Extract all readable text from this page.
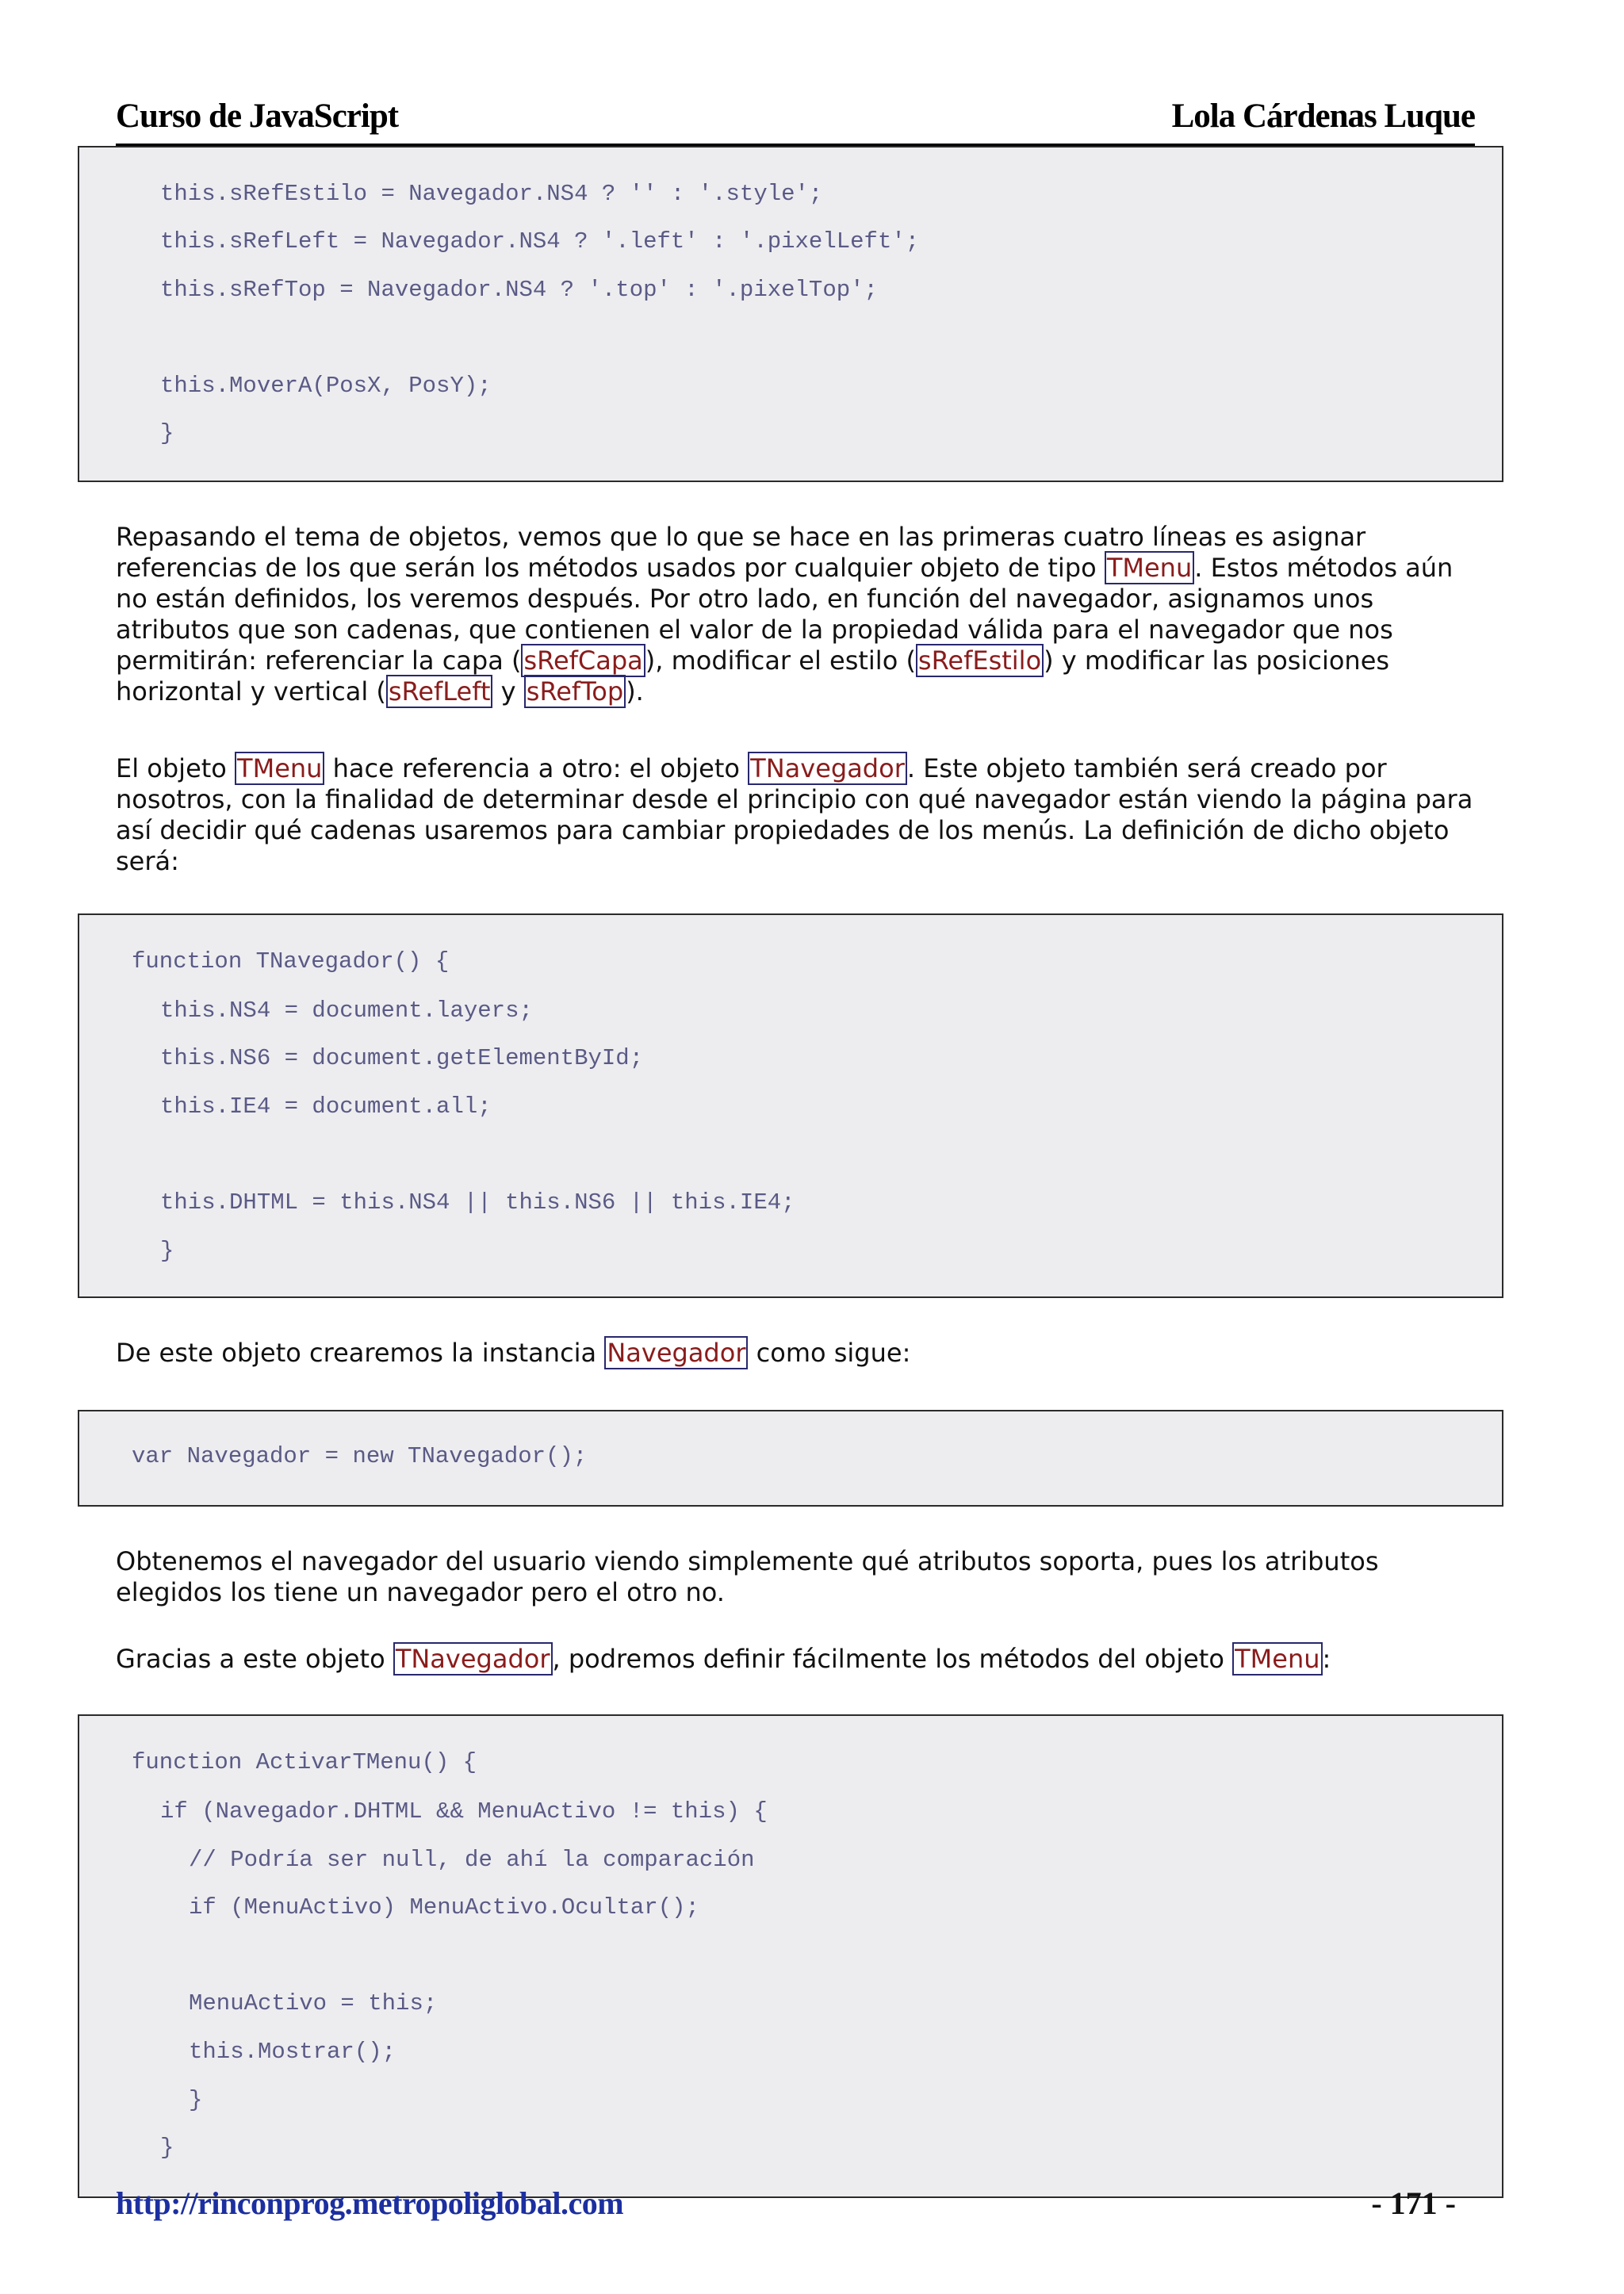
Curso de JavaScript	Lola Cárdenas Luque
this.sRefEstilo = Navegador.NS4 ? '' : '.style';
this.sRefLeft = Navegador.NS4 ? '.left' : '.pixelLeft';
this.sRefTop = Navegador.NS4 ? '.top' : '.pixelTop';
this.MoverA(PosX, PosY);
}
Repasando el tema de objetos, vemos que lo que se hace en las primeras cuatro líneas es asignar referencias de los que serán los métodos usados por cualquier objeto de tipo TMenu. Estos métodos aún no están definidos, los veremos después. Por otro lado, en función del navegador, asignamos unos atributos que son cadenas, que contienen el valor de la propiedad válida para el navegador que nos permitirán: referenciar la capa (sRefCapa), modificar el estilo (sRefEstilo) y modificar las posiciones horizontal y vertical (sRefLeft y sRefTop).
El objeto TMenu hace referencia a otro: el objeto TNavegador. Este objeto también será creado por nosotros, con la finalidad de determinar desde el principio con qué navegador están viendo la página para así decidir qué cadenas usaremos para cambiar propiedades de los menús. La definición de dicho objeto será:
function TNavegador() {
this.NS4 = document.layers;
this.NS6 = document.getElementById;
this.IE4 = document.all;
this.DHTML = this.NS4 || this.NS6 || this.IE4;
}
De este objeto crearemos la instancia Navegador como sigue:
var Navegador = new TNavegador();
Obtenemos el navegador del usuario viendo simplemente qué atributos soporta, pues los atributos elegidos los tiene un navegador pero el otro no.
Gracias a este objeto TNavegador, podremos definir fácilmente los métodos del objeto TMenu:
function ActivarTMenu() {
if (Navegador.DHTML && MenuActivo != this) {
// Podría ser null, de ahí la comparación
if (MenuActivo) MenuActivo.Ocultar();
MenuActivo = this;
this.Mostrar();
}
}
http://rinconprog.metropoliglobal.com	- 171 -
